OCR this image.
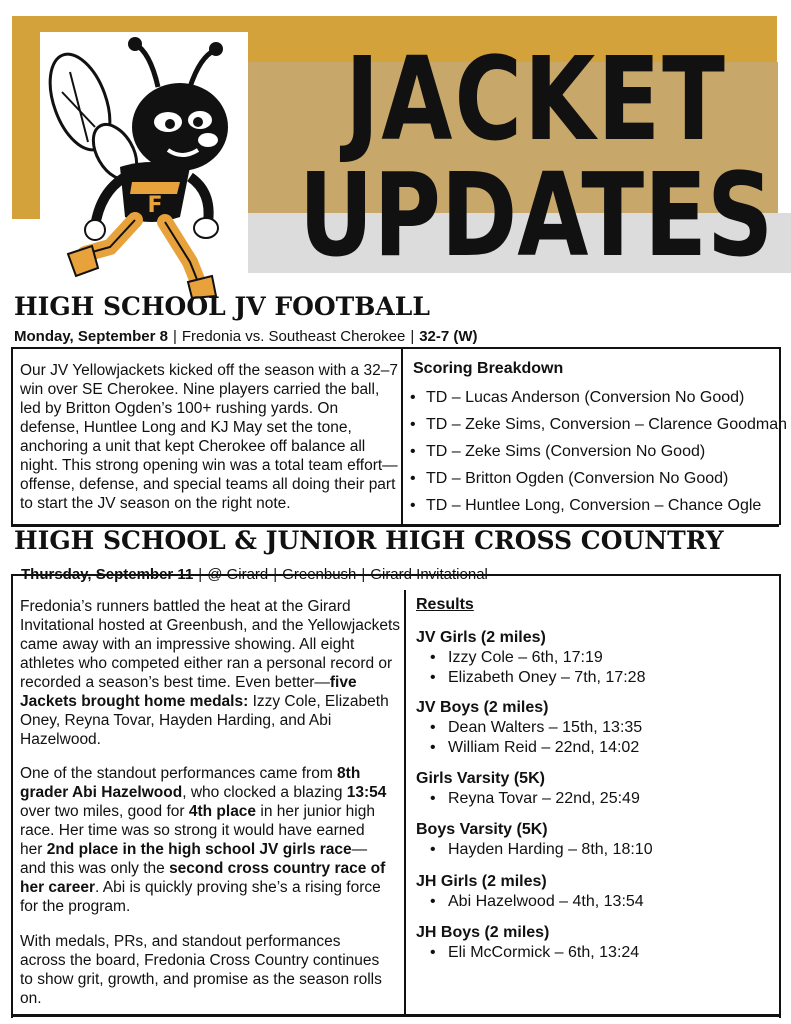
F
JACKET
UPDATES
HIGH SCHOOL JV FOOTBALL
Monday, September 8 | Fredonia vs. Southeast Cherokee | 32-7 (W)

Our JV Yellowjackets kicked off the season with a 32–7 win over SE Cherokee. Nine players carried the ball, led by Britton Ogden’s 100+ rushing yards. On defense, Huntlee Long and KJ May set the tone, anchoring a unit that kept Cherokee off balance all night. This strong opening win was a total team effort—offense, defense, and special teams all doing their part to start the JV season on the right note.

Scoring Breakdown
• TD – Lucas Anderson (Conversion No Good)
• TD – Zeke Sims, Conversion – Clarence Goodman
• TD – Zeke Sims (Conversion No Good)
• TD – Britton Ogden (Conversion No Good)
• TD – Huntlee Long, Conversion – Chance Ogle
HIGH SCHOOL & JUNIOR HIGH CROSS COUNTRY
Thursday, September 11 | @ Girard | Greenbush | Girard Invitational

Fredonia’s runners battled the heat at the Girard Invitational hosted at Greenbush, and the Yellowjackets came away with an impressive showing. All eight athletes who competed either ran a personal record or recorded a season’s best time. Even better—five Jackets brought home medals: Izzy Cole, Elizabeth Oney, Reyna Tovar, Hayden Harding, and Abi Hazelwood.

One of the standout performances came from 8th grader Abi Hazelwood, who clocked a blazing 13:54 over two miles, good for 4th place in her junior high race. Her time was so strong it would have earned her 2nd place in the high school JV girls race—and this was only the second cross country race of her career. Abi is quickly proving she’s a rising force for the program.

With medals, PRs, and standout performances across the board, Fredonia Cross Country continues to show grit, growth, and promise as the season rolls on.

Results
JV Girls (2 miles)
• Izzy Cole – 6th, 17:19
• Elizabeth Oney – 7th, 17:28
JV Boys (2 miles)
• Dean Walters – 15th, 13:35
• William Reid – 22nd, 14:02
Girls Varsity (5K)
• Reyna Tovar – 22nd, 25:49
Boys Varsity (5K)
• Hayden Harding – 8th, 18:10
JH Girls (2 miles)
• Abi Hazelwood – 4th, 13:54
JH Boys (2 miles)
• Eli McCormick – 6th, 13:24
